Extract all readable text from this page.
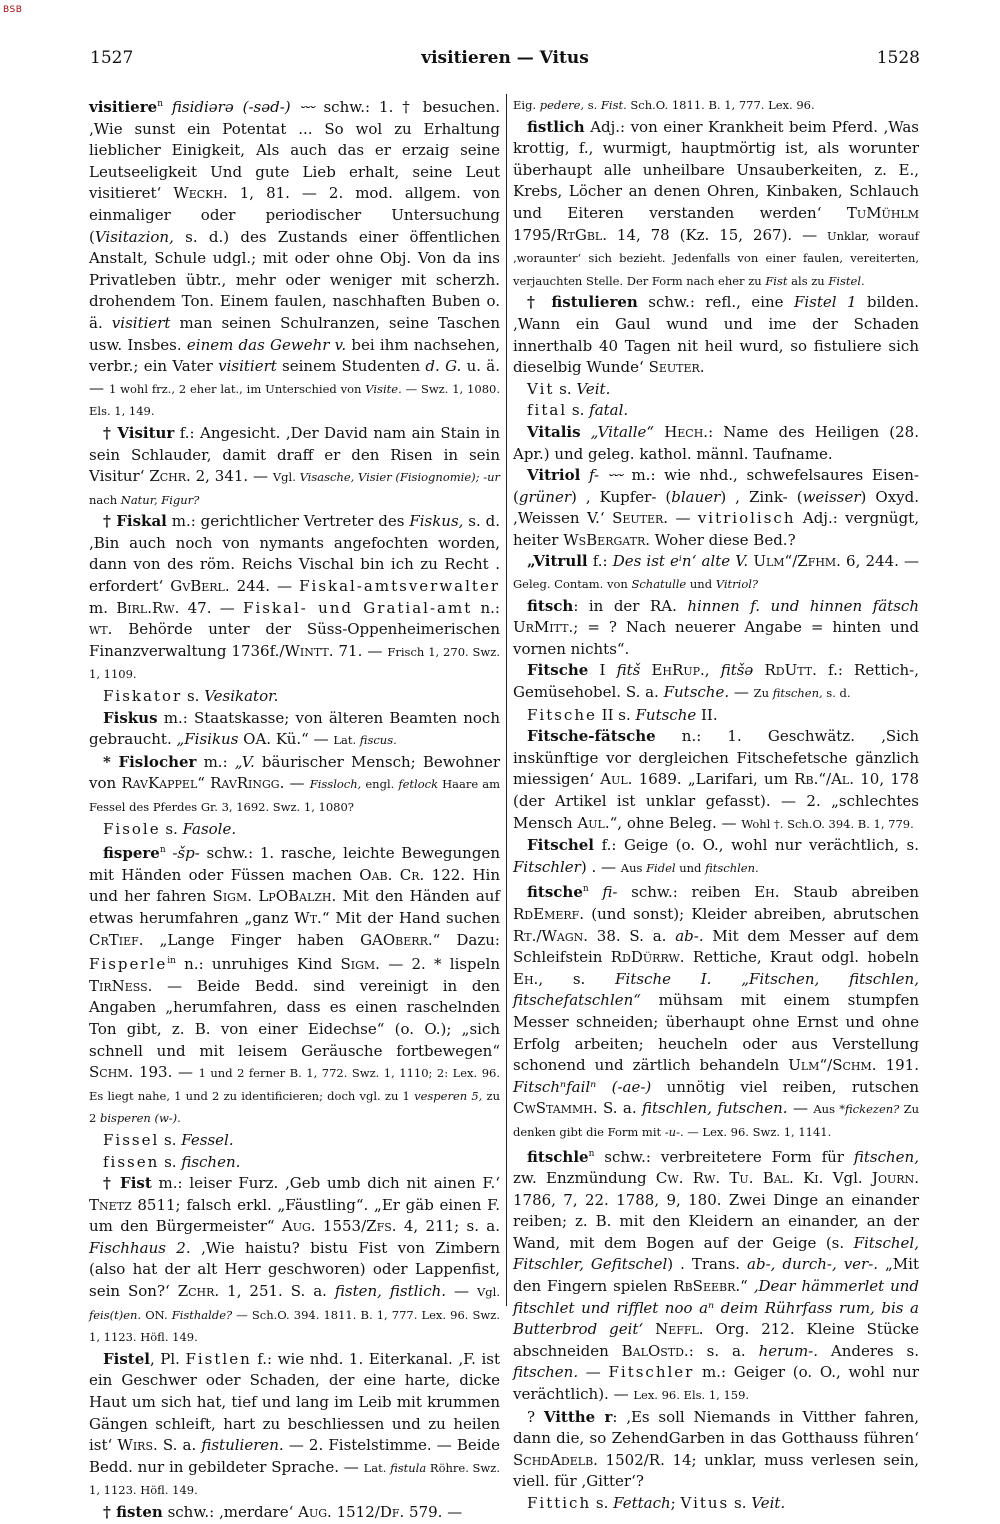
BSB
1527	visitieren — Vitus	1528

visitiere$^n$ fisidiərə (-səd-) ⏑⏑⏑ schw.: 1. † besuchen. ‚Wie sunst ein Potentat ... So wol zu Erhaltung lieblicher Einigkeit, Als auch das er erzaig seine Leutseeligkeit Und gute Lieb erhalt, seine Leut visitieret‘ Weckh. 1, 81. — 2. mod. allgem. von einmaliger oder periodischer Untersuchung (Visitazion, s. d.) des Zustands einer öffentlichen Anstalt, Schule udgl.; mit oder ohne Obj. Von da ins Privatleben übtr., mehr oder weniger mit scherzh. drohendem Ton. Einem faulen, naschhaften Buben o. ä. visitiert man seinen Schulranzen, seine Taschen usw. Insbes. einem das Gewehr v. bei ihm nachsehen, verbr.; ein Vater visitiert seinem Studenten d. G. u. ä. — 1 wohl frz., 2 eher lat., im Unterschied von Visite. — Swz. 1, 1080. Els. 1, 149.

† Visitur f.: Angesicht. ‚Der David nam ain Stain in sein Schlauder, damit draff er den Risen in sein Visitur‘ Zchr. 2, 341. — Vgl. Visasche, Visier (Fisiognomie); -ur nach Natur, Figur?

† Fiskal m.: gerichtlicher Vertreter des Fiskus, s. d. ‚Bin auch noch von nymants angefochten worden, dann von des röm. Reichs Vischal bin ich zu Recht . erfordert‘ GvBerl. 244. — Fiskal-amtsverwalter m. Birl.Rw. 47. — Fiskal- und Gratial-amt n.: wt. Behörde unter der Süss-Oppenheimerischen Finanzverwaltung 1736f./Wintt. 71. — Frisch 1, 270. Swz. 1, 1109.

Fiskator s. Vesikator.

Fiskus m.: Staatskasse; von älteren Beamten noch gebraucht. „Fisikus OA. Kü.“ — Lat. fiscus.

* Fislocher m.: „V. bäurischer Mensch; Bewohner von RavKappel“ RavRingg. — Fissloch, engl. fetlock Haare am Fessel des Pferdes Gr. 3, 1692. Swz. 1, 1080?

Fisole s. Fasole.

fispere$^n$ -šp- schw.: 1. rasche, leichte Bewegungen mit Händen oder Füssen machen Oab. Cr. 122. Hin und her fahren Sigm. LpOBalzh. Mit den Händen auf etwas herumfahren „ganz Wt.“ Mit der Hand suchen CrTief. „Lange Finger haben GAOberr.“ Dazu: Fisperle$^{in}$ n.: unruhiges Kind Sigm. — 2. * lispeln TirNess. — Beide Bedd. sind vereinigt in den Angaben „herumfahren, dass es einen raschelnden Ton gibt, z. B. von einer Eidechse“ (o. O.); „sich schnell und mit leisem Geräusche fortbewegen“ Schm. 193. — 1 und 2 ferner B. 1, 772. Swz. 1, 1110; 2: Lex. 96. Es liegt nahe, 1 und 2 zu identificieren; doch vgl. zu 1 vesperen 5, zu 2 bisperen (w-).

Fissel s. Fessel.

fissen s. fischen.

† Fist m.: leiser Furz. ‚Geb umb dich nit ainen F.‘ Tnetz 8511; falsch erkl. „Fäustling“. „Er gäb einen F. um den Bürgermeister“ Aug. 1553/Zfs. 4, 211; s. a. Fischhaus 2. ‚Wie haistu? bistu Fist von Zimbern (also hat der alt Herr geschworen) oder Lappenfist, sein Son?‘ Zchr. 1, 251. S. a. fisten, fistlich. — Vgl. feis(t)en. ON. Fisthalde? — Sch.O. 394. 1811. B. 1, 777. Lex. 96. Swz. 1, 1123. Höfl. 149.

Fistel, Pl. Fistlen f.: wie nhd. 1. Eiterkanal. ‚F. ist ein Geschwer oder Schaden, der eine harte, dicke Haut um sich hat, tief und lang im Leib mit krummen Gängen schleift, hart zu beschliessen und zu heilen ist‘ Wirs. S. a. fistulieren. — 2. Fistelstimme. — Beide Bedd. nur in gebildeter Sprache. — Lat. fistula Röhre. Swz. 1, 1123. Höfl. 149.

† fisten schw.: ‚merdare‘ Aug. 1512/Df. 579. —

Eig. pedere, s. Fist. Sch.O. 1811. B. 1, 777. Lex. 96.

fistlich Adj.: von einer Krankheit beim Pferd. ‚Was krottig, f., wurmigt, hauptmörtig ist, als worunter überhaupt alle unheilbare Unsauberkeiten, z. E., Krebs, Löcher an denen Ohren, Kinbaken, Schlauch und Eiteren verstanden werden‘ TuMühlm 1795/RtGbl. 14, 78 (Kz. 15, 267). — Unklar, worauf ‚woraunter‘ sich bezieht. Jedenfalls von einer faulen, vereiterten, verjauchten Stelle. Der Form nach eher zu Fist als zu Fistel.

† fistulieren schw.: refl., eine Fistel 1 bilden. ‚Wann ein Gaul wund und ime der Schaden innerthalb 40 Tagen nit heil wurd, so fistuliere sich dieselbig Wunde‘ Seuter.

Vit s. Veit.

fital s. fatal.

Vitalis „Vitalle“ Hech.: Name des Heiligen (28. Apr.) und geleg. kathol. männl. Taufname.

Vitriol f- ⏑⏑⏑ m.: wie nhd., schwefelsaures Eisen- (grüner) , Kupfer- (blauer) , Zink- (weisser) Oxyd. ‚Weissen V.‘ Seuter. — vitriolisch Adj.: vergnügt, heiter WsBergatr. Woher diese Bed.?

„Vitrull f.: Des ist eⁱn‘ alte V. Ulm“/Zfhm. 6, 244. — Geleg. Contam. von Schatulle und Vitriol?

fitsch: in der RA. hinnen f. und hinnen fätsch UrMitt.; = ? Nach neuerer Angabe = hinten und vornen nichts“.

Fitsche I fitš EhRup., fitšə RdUtt. f.: Rettich-, Gemüsehobel. S. a. Futsche. — Zu fitschen, s. d.

Fitsche II s. Futsche II.

Fitsche-fätsche n.: 1. Geschwätz. ‚Sich inskünftige vor dergleichen Fitschefetsche gänzlich miessigen‘ Aul. 1689. „Larifari, um Rb.“/Al. 10, 178 (der Artikel ist unklar gefasst). — 2. „schlechtes Mensch Aul.“, ohne Beleg. — Wohl †. Sch.O. 394. B. 1, 779.

Fitschel f.: Geige (o. O., wohl nur verächtlich, s. Fitschler) . — Aus Fidel und fitschlen.

fitsche$^n$ fi- schw.: reiben Eh. Staub abreiben RdEmerf. (und sonst); Kleider abreiben, abrutschen Rt./Wagn. 38. S. a. ab-. Mit dem Messer auf dem Schleifstein RdDürrw. Rettiche, Kraut odgl. hobeln Eh., s. Fitsche I. „Fitschen, fitschlen, fitschefatschlen“ mühsam mit einem stumpfen Messer schneiden; überhaupt ohne Ernst und ohne Erfolg arbeiten; heucheln oder aus Verstellung schonend und zärtlich behandeln Ulm“/Schm. 191. Fitschⁿfailⁿ (-ae-) unnötig viel reiben, rutschen CwStammh. S. a. fitschlen, futschen. — Aus *fickezen? Zu denken gibt die Form mit -u-. — Lex. 96. Swz. 1, 1141.

fitschle$^n$ schw.: verbreitetere Form für fitschen, zw. Enzmündung Cw. Rw. Tu. Bal. Ki. Vgl. Journ. 1786, 7, 22. 1788, 9, 180. Zwei Dinge an einander reiben; z. B. mit den Kleidern an einander, an der Wand, mit dem Bogen auf der Geige (s. Fitschel, Fitschler, Gefitschel) . Trans. ab-, durch-, ver-. „Mit den Fingern spielen RbSeebr.“ ‚Dear hämmerlet und fitschlet und rifflet noo aⁿ deim Rührfass rum, bis a Butterbrod geit‘ Neffl. Org. 212. Kleine Stücke abschneiden BalOstd.: s. a. herum-. Anderes s. fitschen. — Fitschler m.: Geiger (o. O., wohl nur verächtlich). — Lex. 96. Els. 1, 159.

? Vitthe r: ‚Es soll Niemands in Vitther fahren, dann die, so ZehendGarben in das Gotthauss führen‘ SchdAdelb. 1502/R. 14; unklar, muss verlesen sein, viell. für ‚Gitter‘?

Fittich s. Fettach; Vitus s. Veit.
